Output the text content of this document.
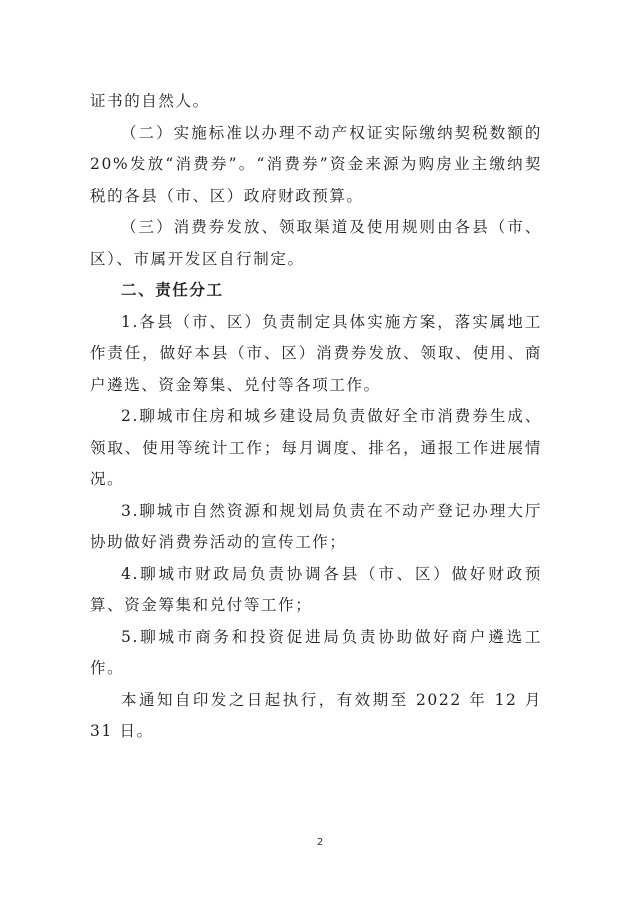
证书的自然人。

（二）实施标准以办理不动产权证实际缴纳契税数额的20%发放“消费券”。“消费券”资金来源为购房业主缴纳契税的各县（市、区）政府财政预算。

（三）消费券发放、领取渠道及使用规则由各县（市、区）、市属开发区自行制定。

二、责任分工

1.各县（市、区）负责制定具体实施方案，落实属地工作责任，做好本县（市、区）消费券发放、领取、使用、商户遴选、资金筹集、兑付等各项工作。

2.聊城市住房和城乡建设局负责做好全市消费券生成、领取、使用等统计工作；每月调度、排名，通报工作进展情况。

3.聊城市自然资源和规划局负责在不动产登记办理大厅协助做好消费券活动的宣传工作；

4.聊城市财政局负责协调各县（市、区）做好财政预算、资金筹集和兑付等工作；

5.聊城市商务和投资促进局负责协助做好商户遴选工作。

本通知自印发之日起执行，有效期至 2022 年 12 月 31 日。

2
